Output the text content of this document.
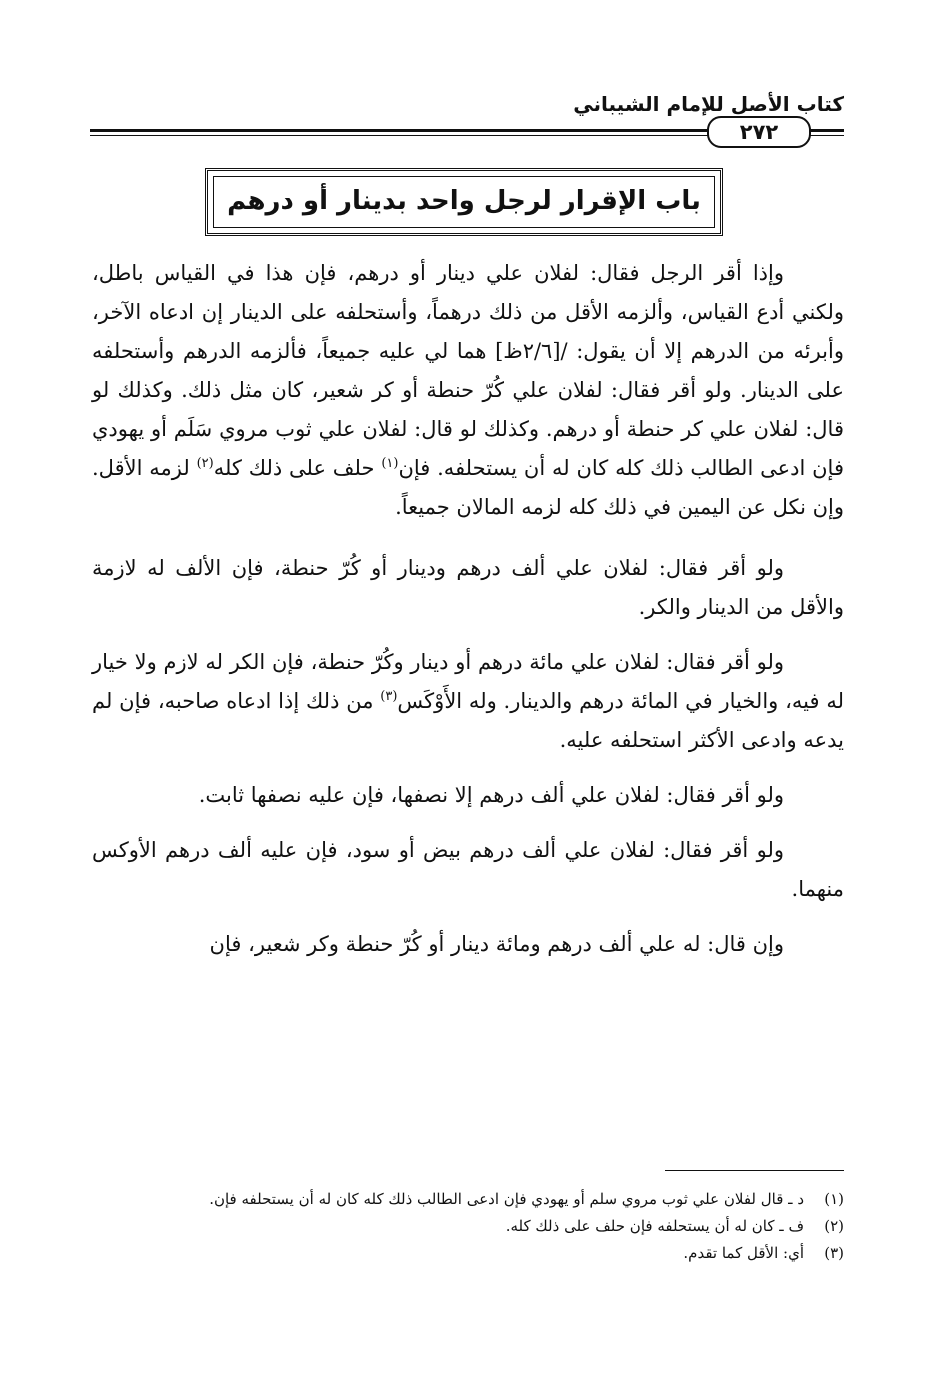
كتاب الأصل للإمام الشيباني
٢٧٢
باب الإقرار لرجل واحد بدينار أو درهم

وإذا أقر الرجل فقال: لفلان علي دينار أو درهم، فإن هذا في القياس باطل، ولكني أدع القياس، وألزمه الأقل من ذلك درهماً، وأستحلفه على الدينار إن ادعاه الآخر، وأبرئه من الدرهم إلا أن يقول: /[٢/٦ظ] هما لي عليه جميعاً، فألزمه الدرهم وأستحلفه على الدينار. ولو أقر فقال: لفلان علي كُرّ حنطة أو كر شعير، كان مثل ذلك. وكذلك لو قال: لفلان علي كر حنطة أو درهم. وكذلك لو قال: لفلان علي ثوب مروي سَلَم أو يهودي فإن ادعى الطالب ذلك كله كان له أن يستحلفه. فإن$^{(١)}$ حلف على ذلك كله$^{(٢)}$ لزمه الأقل. وإن نكل عن اليمين في ذلك كله لزمه المالان جميعاً.

ولو أقر فقال: لفلان علي ألف درهم ودينار أو كُرّ حنطة، فإن الألف له لازمة والأقل من الدينار والكر.

ولو أقر فقال: لفلان علي مائة درهم أو دينار وكُرّ حنطة، فإن الكر له لازم ولا خيار له فيه، والخيار في المائة درهم والدينار. وله الأَوْكَس$^{(٣)}$ من ذلك إذا ادعاه صاحبه، فإن لم يدعه وادعى الأكثر استحلفه عليه.

ولو أقر فقال: لفلان علي ألف درهم إلا نصفها، فإن عليه نصفها ثابت.

ولو أقر فقال: لفلان علي ألف درهم بيض أو سود، فإن عليه ألف درهم الأوكس منهما.

وإن قال: له علي ألف درهم ومائة دينار أو كُرّ حنطة وكر شعير، فإن

(١)
د ـ قال لفلان علي ثوب مروي سلم أو يهودي فإن ادعى الطالب ذلك كله كان له أن يستحلفه فإن.
(٢)
ف ـ كان له أن يستحلفه فإن حلف على ذلك كله.
(٣)
أي: الأقل كما تقدم.
